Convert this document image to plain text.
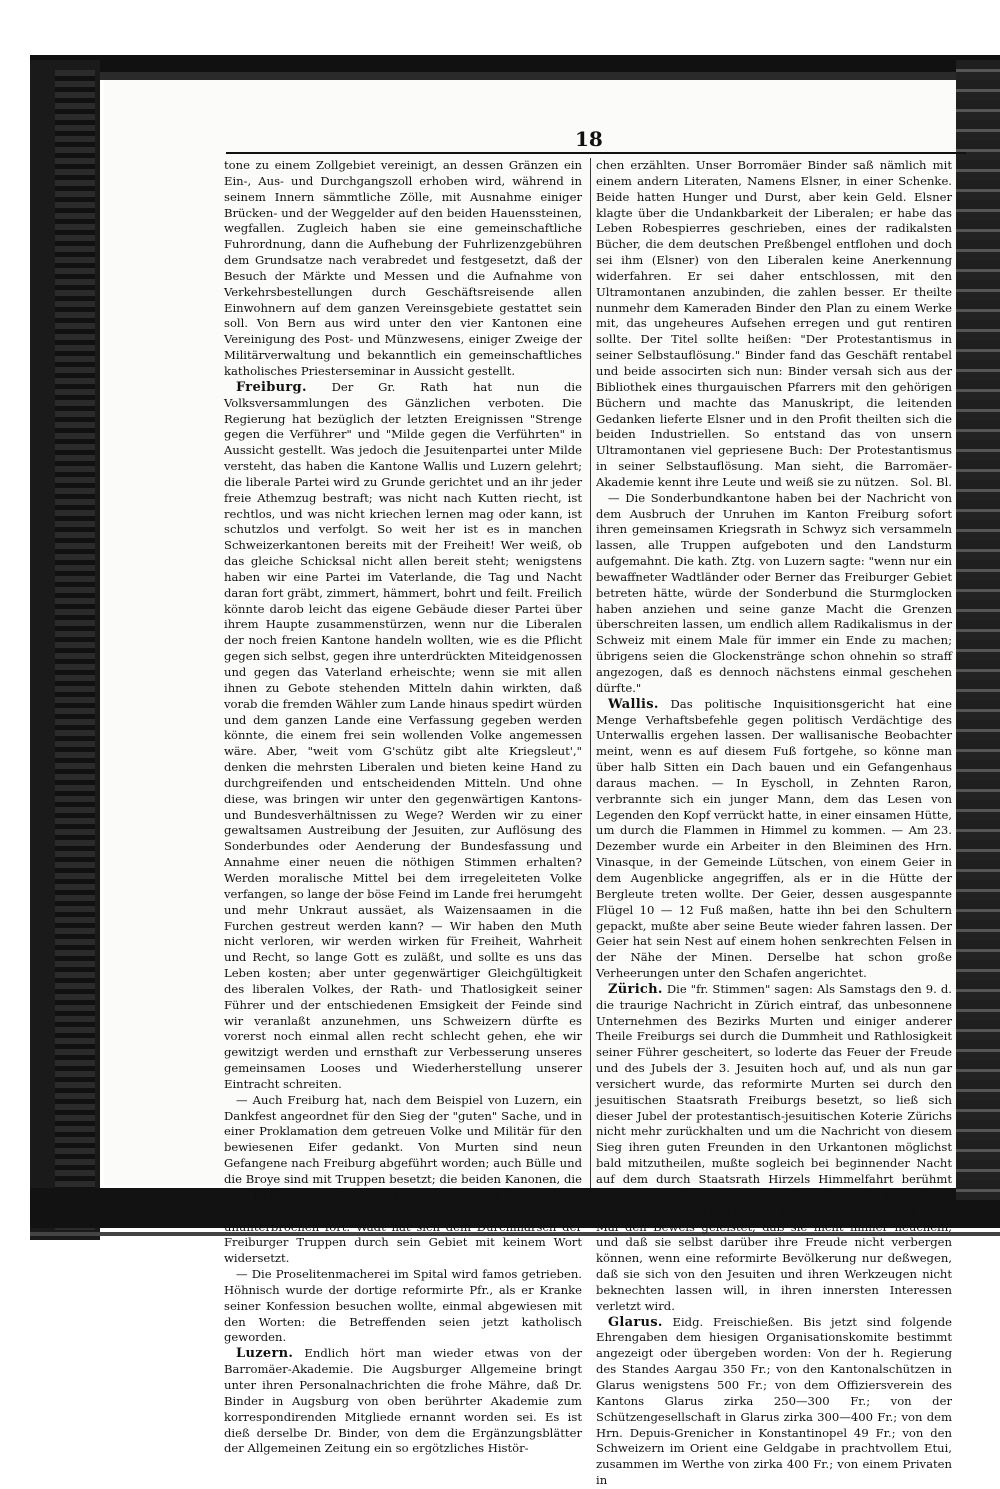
18

tone zu einem Zollgebiet vereinigt, an dessen Gränzen ein Ein-, Aus- und Durchgangszoll erhoben wird, während in seinem Innern sämmtliche Zölle, mit Ausnahme einiger Brücken- und der Weggelder auf den beiden Hauenssteinen, wegfallen. Zugleich haben sie eine gemeinschaftliche Fuhrordnung, dann die Aufhebung der Fuhrlizenzgebühren dem Grundsatze nach verabredet und festgesetzt, daß der Besuch der Märkte und Messen und die Aufnahme von Verkehrsbestellungen durch Geschäftsreisende allen Einwohnern auf dem ganzen Vereinsgebiete gestattet sein soll. Von Bern aus wird unter den vier Kantonen eine Vereinigung des Post- und Münzwesens, einiger Zweige der Militärverwaltung und bekanntlich ein gemeinschaftliches katholisches Priesterseminar in Aussicht gestellt.

Freiburg. Der Gr. Rath hat nun die Volksversammlungen des Gänzlichen verboten. Die Regierung hat bezüglich der letzten Ereignissen "Strenge gegen die Verführer" und "Milde gegen die Verführten" in Aussicht gestellt. Was jedoch die Jesuitenpartei unter Milde versteht, das haben die Kantone Wallis und Luzern gelehrt; die liberale Partei wird zu Grunde gerichtet und an ihr jeder freie Athemzug bestraft; was nicht nach Kutten riecht, ist rechtlos, und was nicht kriechen lernen mag oder kann, ist schutzlos und verfolgt. So weit her ist es in manchen Schweizerkantonen bereits mit der Freiheit! Wer weiß, ob das gleiche Schicksal nicht allen bereit steht; wenigstens haben wir eine Partei im Vaterlande, die Tag und Nacht daran fort gräbt, zimmert, hämmert, bohrt und feilt. Freilich könnte darob leicht das eigene Gebäude dieser Partei über ihrem Haupte zusammenstürzen, wenn nur die Liberalen der noch freien Kantone handeln wollten, wie es die Pflicht gegen sich selbst, gegen ihre unterdrückten Miteidgenossen und gegen das Vaterland erheischte; wenn sie mit allen ihnen zu Gebote stehenden Mitteln dahin wirkten, daß vorab die fremden Wähler zum Lande hinaus spedirt würden und dem ganzen Lande eine Verfassung gegeben werden könnte, die einem frei sein wollenden Volke angemessen wäre. Aber, "weit vom G'schütz gibt alte Kriegsleut'," denken die mehrsten Liberalen und bieten keine Hand zu durchgreifenden und entscheidenden Mitteln. Und ohne diese, was bringen wir unter den gegenwärtigen Kantons- und Bundesverhältnissen zu Wege? Werden wir zu einer gewaltsamen Austreibung der Jesuiten, zur Auflösung des Sonderbundes oder Aenderung der Bundesfassung und Annahme einer neuen die nöthigen Stimmen erhalten? Werden moralische Mittel bei dem irregeleiteten Volke verfangen, so lange der böse Feind im Lande frei herumgeht und mehr Unkraut aussäet, als Waizensaamen in die Furchen gestreut werden kann? — Wir haben den Muth nicht verloren, wir werden wirken für Freiheit, Wahrheit und Recht, so lange Gott es zuläßt, und sollte es uns das Leben kosten; aber unter gegenwärtiger Gleichgültigkeit des liberalen Volkes, der Rath- und Thatlosigkeit seiner Führer und der entschiedenen Emsigkeit der Feinde sind wir veranlaßt anzunehmen, uns Schweizern dürfte es vorerst noch einmal allen recht schlecht gehen, ehe wir gewitzigt werden und ernsthaft zur Verbesserung unseres gemeinsamen Looses und Wiederherstellung unserer Eintracht schreiten.

— Auch Freiburg hat, nach dem Beispiel von Luzern, ein Dankfest angeordnet für den Sieg der "guten" Sache, und in einer Proklamation dem getreuen Volke und Militär für den bewiesenen Eifer gedankt. Von Murten sind neun Gefangene nach Freiburg abgeführt worden; auch Bülle und die Broye sind mit Truppen besetzt; die beiden Kanonen, die seit 1830 sich in Bulle befanden, sind nach Freiburg ins Zeughaus abgeführt worden. Die Verhaftungen dauern ununterbrochen fort. Wadt hat sich dem Durchmarsch der Freiburger Truppen durch sein Gebiet mit keinem Wort widersetzt.

— Die Proselitenmacherei im Spital wird famos getrieben. Höhnisch wurde der dortige reformirte Pfr., als er Kranke seiner Konfession besuchen wollte, einmal abgewiesen mit den Worten: die Betreffenden seien jetzt katholisch geworden.

Luzern. Endlich hört man wieder etwas von der Barromäer-Akademie. Die Augsburger Allgemeine bringt unter ihren Personalnachrichten die frohe Mähre, daß Dr. Binder in Augsburg von oben berührter Akademie zum korrespondirenden Mitgliede ernannt worden sei. Es ist dieß derselbe Dr. Binder, von dem die Ergänzungsblätter der Allgemeinen Zeitung ein so ergötzliches Histör-

chen erzählten. Unser Borromäer Binder saß nämlich mit einem andern Literaten, Namens Elsner, in einer Schenke. Beide hatten Hunger und Durst, aber kein Geld. Elsner klagte über die Undankbarkeit der Liberalen; er habe das Leben Robespierres geschrieben, eines der radikalsten Bücher, die dem deutschen Preßbengel entflohen und doch sei ihm (Elsner) von den Liberalen keine Anerkennung widerfahren. Er sei daher entschlossen, mit den Ultramontanen anzubinden, die zahlen besser. Er theilte nunmehr dem Kameraden Binder den Plan zu einem Werke mit, das ungeheures Aufsehen erregen und gut rentiren sollte. Der Titel sollte heißen: "Der Protestantismus in seiner Selbstauflösung." Binder fand das Geschäft rentabel und beide associrten sich nun: Binder versah sich aus der Bibliothek eines thurgauischen Pfarrers mit den gehörigen Büchern und machte das Manuskript, die leitenden Gedanken lieferte Elsner und in den Profit theilten sich die beiden Industriellen. So entstand das von unsern Ultramontanen viel gepriesene Buch: Der Protestantismus in seiner Selbstauflösung. Man sieht, die Barromäer-Akademie kennt ihre Leute und weiß sie zu nützen. Sol. Bl.

— Die Sonderbundkantone haben bei der Nachricht von dem Ausbruch der Unruhen im Kanton Freiburg sofort ihren gemeinsamen Kriegsrath in Schwyz sich versammeln lassen, alle Truppen aufgeboten und den Landsturm aufgemahnt. Die kath. Ztg. von Luzern sagte: "wenn nur ein bewaffneter Wadtländer oder Berner das Freiburger Gebiet betreten hätte, würde der Sonderbund die Sturmglocken haben anziehen und seine ganze Macht die Grenzen überschreiten lassen, um endlich allem Radikalismus in der Schweiz mit einem Male für immer ein Ende zu machen; übrigens seien die Glockenstränge schon ohnehin so straff angezogen, daß es dennoch nächstens einmal geschehen dürfte."

Wallis. Das politische Inquisitionsgericht hat eine Menge Verhaftsbefehle gegen politisch Verdächtige des Unterwallis ergehen lassen. Der wallisanische Beobachter meint, wenn es auf diesem Fuß fortgehe, so könne man über halb Sitten ein Dach bauen und ein Gefangenhaus daraus machen. — In Eyscholl, in Zehnten Raron, verbrannte sich ein junger Mann, dem das Lesen von Legenden den Kopf verrückt hatte, in einer einsamen Hütte, um durch die Flammen in Himmel zu kommen. — Am 23. Dezember wurde ein Arbeiter in den Bleiminen des Hrn. Vinasque, in der Gemeinde Lütschen, von einem Geier in dem Augenblicke angegriffen, als er in die Hütte der Bergleute treten wollte. Der Geier, dessen ausgespannte Flügel 10 — 12 Fuß maßen, hatte ihn bei den Schultern gepackt, mußte aber seine Beute wieder fahren lassen. Der Geier hat sein Nest auf einem hohen senkrechten Felsen in der Nähe der Minen. Derselbe hat schon große Verheerungen unter den Schafen angerichtet.

Zürich. Die "fr. Stimmen" sagen: Als Samstags den 9. d. die traurige Nachricht in Zürich eintraf, das unbesonnene Unternehmen des Bezirks Murten und einiger anderer Theile Freiburgs sei durch die Dummheit und Rathlosigkeit seiner Führer gescheitert, so loderte das Feuer der Freude und des Jubels der 3. Jesuiten hoch auf, und als nun gar versichert wurde, das reformirte Murten sei durch den jesuitischen Staatsrath Freiburgs besetzt, so ließ sich dieser Jubel der protestantisch-jesuitischen Koterie Zürichs nicht mehr zurückhalten und um die Nachricht von diesem Sieg ihren guten Freunden in den Urkantonen möglichst bald mitzutheilen, mußte sogleich bei beginnender Nacht auf dem durch Staatsrath Hirzels Himmelfahrt berühmt gewordenen Uetliberg ein großer Holzstoß angezündet werden. Unsere reformirten Jesuitenfreunde haben dieß Mal den Beweis geleistet, daß sie nicht immer heucheln, und daß sie selbst darüber ihre Freude nicht verbergen können, wenn eine reformirte Bevölkerung nur deßwegen, daß sie sich von den Jesuiten und ihren Werkzeugen nicht beknechten lassen will, in ihren innersten Interessen verletzt wird.

Glarus. Eidg. Freischießen. Bis jetzt sind folgende Ehrengaben dem hiesigen Organisationskomite bestimmt angezeigt oder übergeben worden: Von der h. Regierung des Standes Aargau 350 Fr.; von den Kantonalschützen in Glarus wenigstens 500 Fr.; von dem Offiziersverein des Kantons Glarus zirka 250—300 Fr.; von der Schützengesellschaft in Glarus zirka 300—400 Fr.; von dem Hrn. Depuis-Grenicher in Konstantinopel 49 Fr.; von den Schweizern im Orient eine Geldgabe in prachtvollem Etui, zusammen im Werthe von zirka 400 Fr.; von einem Privaten in
